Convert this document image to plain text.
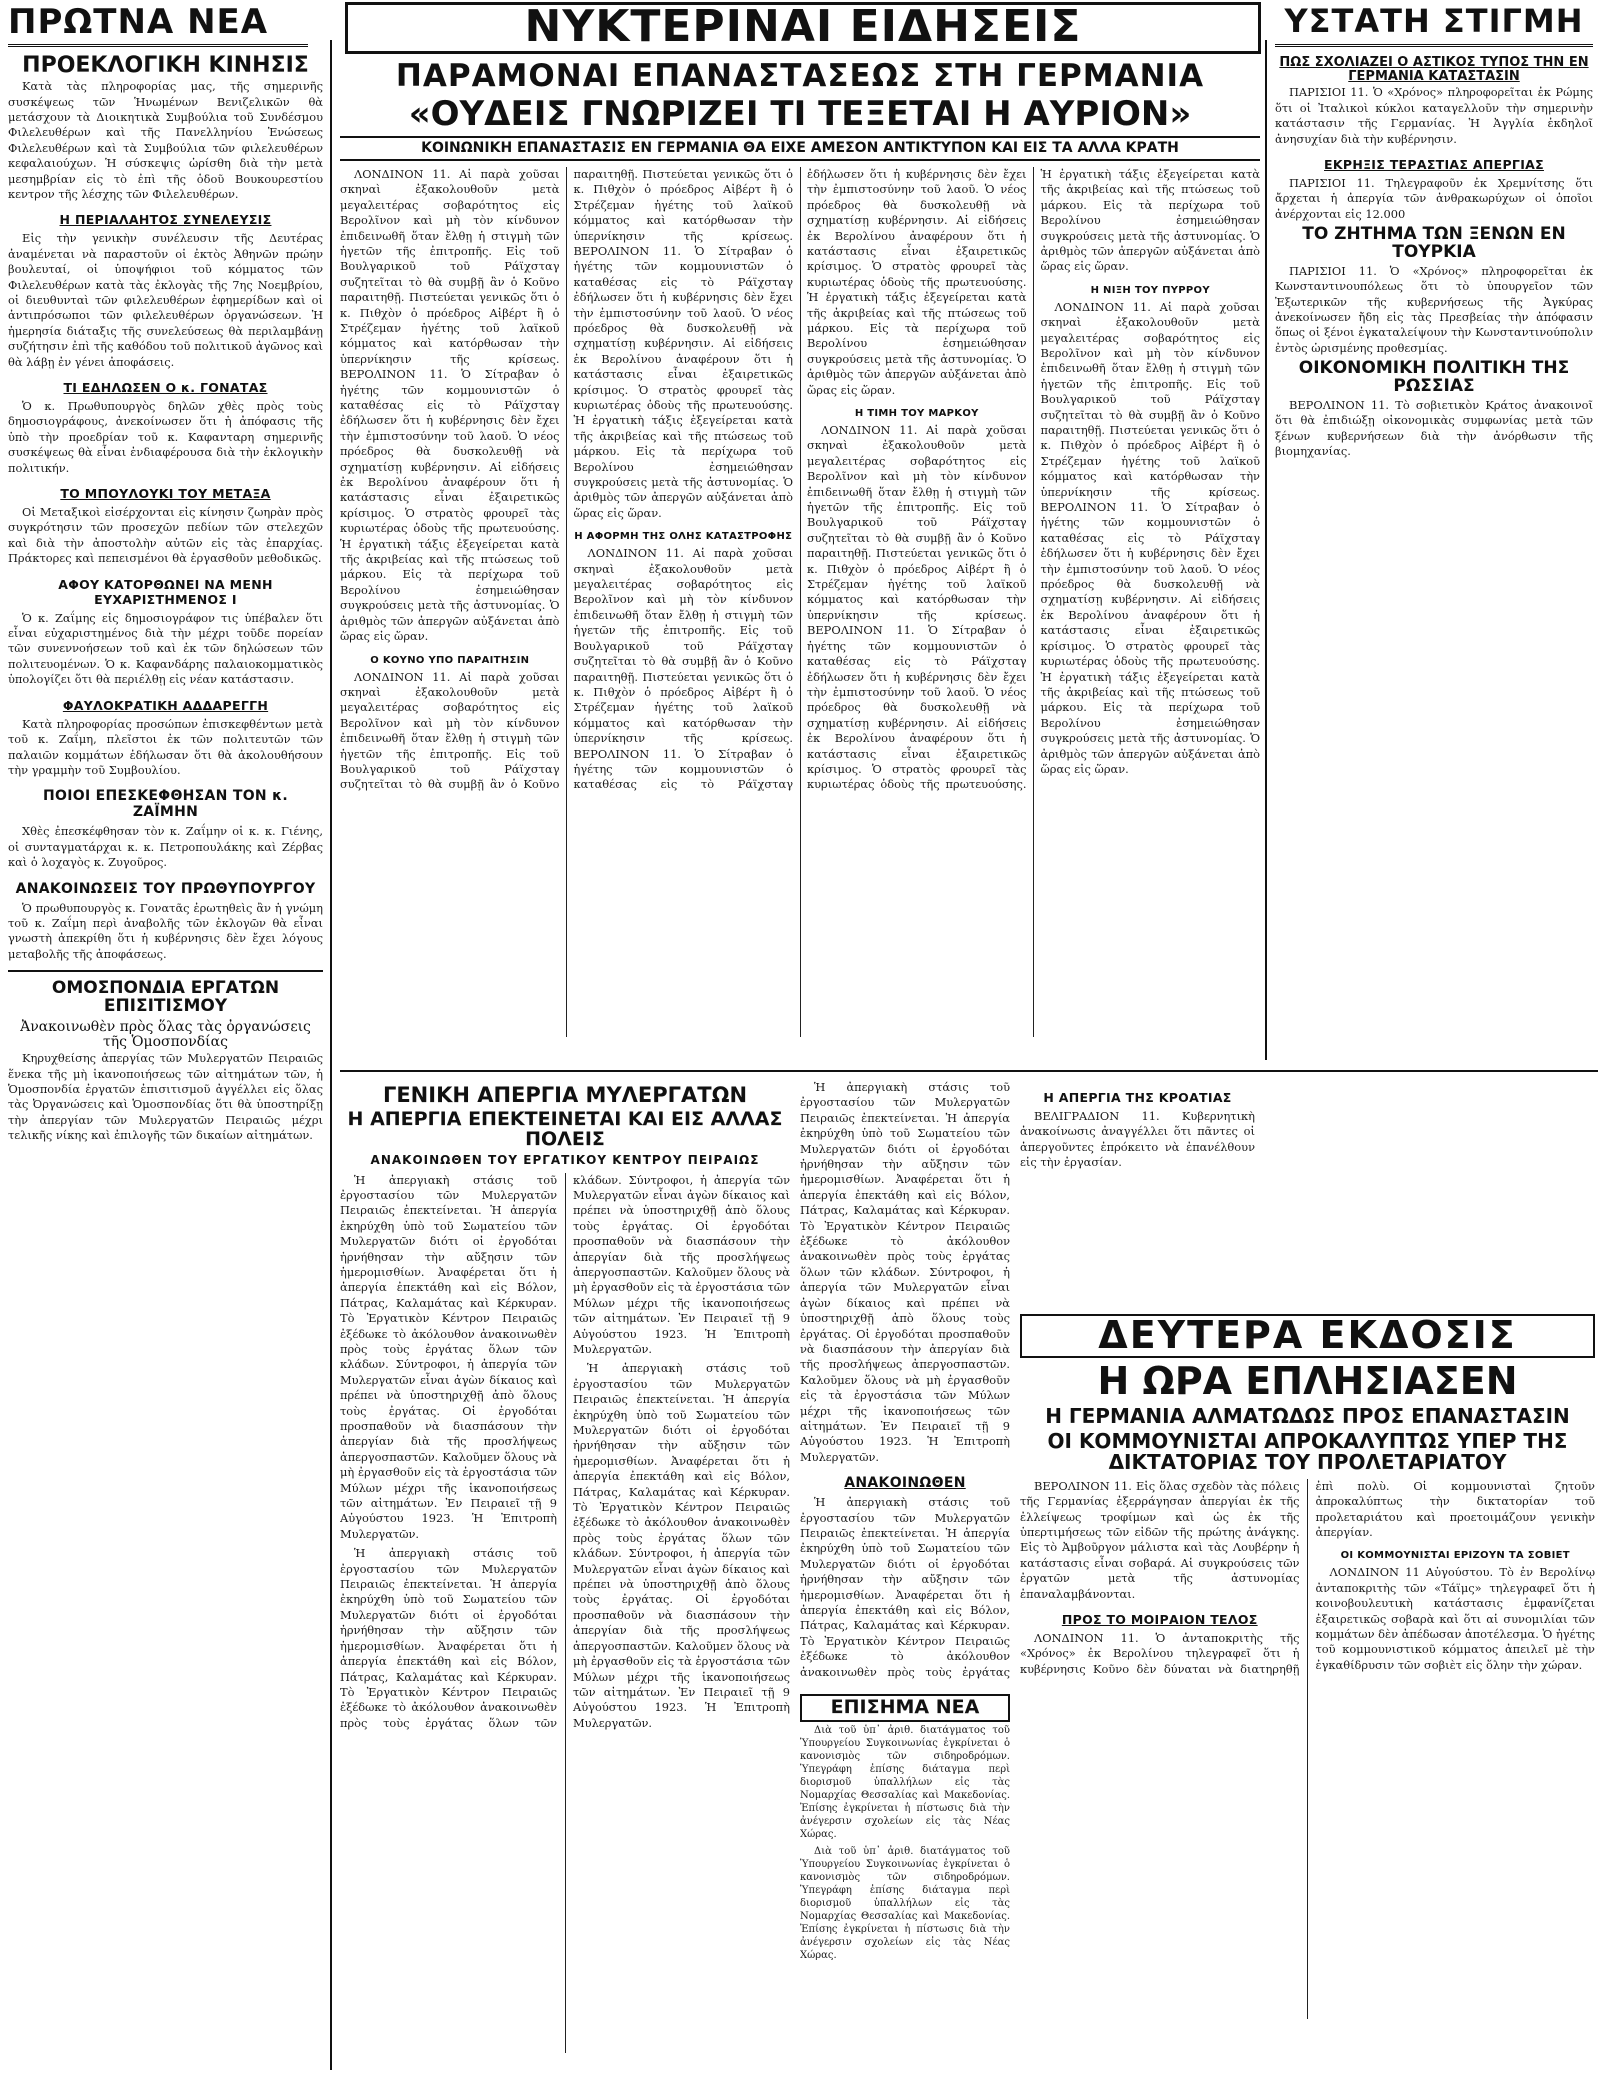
ΠΡΩΤΝΑ ΝΕΑ	ΝΥΚΤΕΡΙΝΑΙ ΕΙΔΗΣΕΙΣ	ΥΣΤΑΤΗ ΣΤΙΓΜΗ
ΠΡΟΕΚΛΟΓΙΚΗ ΚΙΝΗΣΙΣ

Κατὰ τὰς πληροφορίας μας, τῆς σημερινῆς συσκέψεως τῶν Ἡνωμένων Βενιζελικῶν θὰ μετάσχουν τὰ Διοικητικὰ Συμβούλια τοῦ Συνδέσμου Φιλελευθέρων καὶ τῆς Πανελληνίου Ἑνώσεως Φιλελευθέρων καὶ τὰ Συμβούλια τῶν φιλελευθέρων κεφαλαιούχων. Ἡ σύσκεψις ὡρίσθη διὰ τὴν μετὰ μεσημβρίαν εἰς τὸ ἐπὶ τῆς ὁδοῦ Βουκουρεστίου κεντρον τῆς λέσχης τῶν Φιλελευθέρων.

Η ΠΕΡΙΑΛΑΗΤΟΣ ΣΥΝΕΛΕΥΣΙΣ

Εἰς τὴν γενικὴν συνέλευσιν τῆς Δευτέρας ἀναμένεται νὰ παραστοῦν οἱ ἐκτὸς Ἀθηνῶν πρώην βουλευταί, οἱ ὑποψήφιοι τοῦ κόμματος τῶν Φιλελευθέρων κατὰ τὰς ἐκλογὰς τῆς 7ης Νοεμβρίου, οἱ διευθυνταὶ τῶν φιλελευθέρων ἐφημερίδων καὶ οἱ ἀντιπρόσωποι τῶν φιλελευθέρων ὀργανώσεων. Ἡ ἡμερησία διάταξις τῆς συνελεύσεως θὰ περιλαμβάνῃ συζήτησιν ἐπὶ τῆς καθόδου τοῦ πολιτικοῦ ἀγῶνος καὶ θὰ λάβῃ ἐν γένει ἀποφάσεις.

ΤΙ ΕΔΗΛΩΣΕΝ Ο κ. ΓΟΝΑΤΑΣ

Ὁ κ. Πρωθυπουργὸς δηλῶν χθὲς πρὸς τοὺς δημοσιογράφους, ἀνεκοίνωσεν ὅτι ἡ ἀπόφασις τῆς ὑπὸ τὴν προεδρίαν τοῦ κ. Καφανταρη σημερινῆς συσκέψεως θὰ εἶναι ἐνδιαφέρουσα διὰ τὴν ἐκλογικὴν πολιτικήν.

ΤΟ ΜΠΟΥΛΟΥΚΙ ΤΟΥ ΜΕΤΑΞΑ

Οἱ Μεταξικοὶ εἰσέρχονται εἰς κίνησιν ζωηρὰν πρὸς συγκρότησιν τῶν προσεχῶν πεδίων τῶν στελεχῶν καὶ διὰ τὴν ἀποστολὴν αὐτῶν εἰς τὰς ἐπαρχίας. Πράκτορες καὶ πεπεισμένοι θὰ ἐργασθοῦν μεθοδικῶς.

ΑΦΟΥ ΚΑΤΟΡΘΩΝΕΙ ΝΑ ΜΕΝΗ ΕΥΧΑΡΙΣΤΗΜΕΝΟΣ Ι

Ὁ κ. Ζαΐμης εἰς δημοσιογράφον τις ὑπέβαλεν ὅτι εἶναι εὐχαριστημένος διὰ τὴν μέχρι τοῦδε πορείαν τῶν συνεννοήσεων τοῦ καὶ ἐκ τῶν δηλώσεων τῶν πολιτευομένων. Ὁ κ. Καφανδάρης παλαιοκομματικὸς ὑπολογίζει ὅτι θὰ περιέλθῃ εἰς νέαν κατάστασιν.

ΦΑΥΛΟΚΡΑΤΙΚΗ ΑΔΔΑΡΕΓΓΗ

Κατὰ πληροφορίας προσώπων ἐπισκεφθέντων μετὰ τοῦ κ. Ζαΐμη, πλεῖστοι ἐκ τῶν πολιτευτῶν τῶν παλαιῶν κομμάτων ἐδήλωσαν ὅτι θὰ ἀκολουθήσουν τὴν γραμμὴν τοῦ Συμβουλίου.

ΠΟΙΟΙ ΕΠΕΣΚΕΦΘΗΣΑΝ ΤΟΝ κ. ΖΑΪΜΗΝ

Χθὲς ἐπεσκέφθησαν τὸν κ. Ζαΐμην οἱ κ. κ. Γιένης, οἱ συνταγματάρχαι κ. κ. Πετροπουλάκης καὶ Ζέρβας καὶ ὁ λοχαγὸς κ. Ζυγοῦρος.

ΑΝΑΚΟΙΝΩΣΕΙΣ ΤΟΥ ΠΡΩΘΥΠΟΥΡΓΟΥ

Ὁ πρωθυπουργὸς κ. Γονατᾶς ἐρωτηθεὶς ἂν ἡ γνώμη τοῦ κ. Ζαΐμη περὶ ἀναβολῆς τῶν ἐκλογῶν θὰ εἶναι γνωστὴ ἀπεκρίθη ὅτι ἡ κυβέρνησις δὲν ἔχει λόγους μεταβολῆς τῆς ἀποφάσεως.

ΟΜΟΣΠΟΝΔΙΑ ΕΡΓΑΤΩΝ ΕΠΙΣΙΤΙΣΜΟΥ
Ἀνακοινωθὲν πρὸς ὅλας τὰς ὀργανώσεις τῆς Ὁμοσπονδίας

Κηρυχθείσης ἀπεργίας τῶν Μυλεργατῶν Πειραιῶς ἕνεκα τῆς μὴ ἱκανοποιήσεως τῶν αἰτημάτων τῶν, ἡ Ὁμοσπονδία ἐργατῶν ἐπισιτισμοῦ ἀγγέλλει εἰς ὅλας τὰς Ὀργανώσεις καὶ Ὁμοσπονδίας ὅτι θὰ ὑποστηρίξῃ τὴν ἀπεργίαν τῶν Μυλεργατῶν Πειραιῶς μέχρι τελικῆς νίκης καὶ ἐπιλογῆς τῶν δικαίων αἰτημάτων.

ΠΑΡΑΜΟΝΑΙ ΕΠΑΝΑΣΤΑΣΕΩΣ ΣΤΗ ΓΕΡΜΑΝΙΑ
«ΟΥΔΕΙΣ ΓΝΩΡΙΖΕΙ ΤΙ ΤΕΞΕΤΑΙ Η ΑΥΡΙΟΝ»
ΚΟΙΝΩΝΙΚΗ ΕΠΑΝΑΣΤΑΣΙΣ ΕΝ ΓΕΡΜΑΝΙΑ ΘΑ ΕΙΧΕ ΑΜΕΣΟΝ ΑΝΤΙΚΤΥΠΟΝ ΚΑΙ ΕΙΣ ΤΑ ΑΛΛΑ ΚΡΑΤΗ

ΛΟΝΔΙΝΟΝ 11. Αἱ παρὰ χοῦσαι σκηναὶ ἐξακολουθοῦν μετὰ μεγαλειτέρας σοβαρότητος εἰς Βερολῖνον καὶ μὴ τὸν κίνδυνον ἐπιδεινωθῆ ὅταν ἔλθῃ ἡ στιγμὴ τῶν ἡγετῶν τῆς ἐπιτροπῆς. Εἰς τοῦ Βουλγαρικοῦ τοῦ Ράϊχσταγ συζητεῖται τὸ θὰ συμβῇ ἂν ὁ Κοῦνο παραιτηθῇ. Πιστεύεται γενικῶς ὅτι ὁ κ. Πιθχὸν ὁ πρόεδρος Αἰβέρτ ἢ ὁ Στρέζεμαν ἡγέτης τοῦ λαϊκοῦ κόμματος καὶ κατόρθωσαν τὴν ὑπερνίκησιν τῆς κρίσεως. ΒΕΡΟΛΙΝΟΝ 11. Ὁ Σίτραβαν ὁ ἡγέτης τῶν κομμουνιστῶν ὁ καταθέσας εἰς τὸ Ράϊχσταγ ἐδήλωσεν ὅτι ἡ κυβέρνησις δὲν ἔχει τὴν ἐμπιστοσύνην τοῦ λαοῦ. Ὁ νέος πρόεδρος θὰ δυσκολευθῇ νὰ σχηματίσῃ κυβέρνησιν. Αἱ εἰδήσεις ἐκ Βερολίνου ἀναφέρουν ὅτι ἡ κατάστασις εἶναι ἐξαιρετικῶς κρίσιμος. Ὁ στρατὸς φρουρεῖ τὰς κυριωτέρας ὁδοὺς τῆς πρωτευούσης. Ἡ ἐργατικὴ τάξις ἐξεγείρεται κατὰ τῆς ἀκριβείας καὶ τῆς πτώσεως τοῦ μάρκου. Εἰς τὰ περίχωρα τοῦ Βερολίνου ἐσημειώθησαν συγκρούσεις μετὰ τῆς ἀστυνομίας. Ὁ ἀριθμὸς τῶν ἀπεργῶν αὐξάνεται ἀπὸ ὥρας εἰς ὥραν.

Ο ΚΟΥΝΟ ΥΠΟ ΠΑΡΑΙΤΗΣΙΝ

ΛΟΝΔΙΝΟΝ 11. Αἱ παρὰ χοῦσαι σκηναὶ ἐξακολουθοῦν μετὰ μεγαλειτέρας σοβαρότητος εἰς Βερολῖνον καὶ μὴ τὸν κίνδυνον ἐπιδεινωθῆ ὅταν ἔλθῃ ἡ στιγμὴ τῶν ἡγετῶν τῆς ἐπιτροπῆς. Εἰς τοῦ Βουλγαρικοῦ τοῦ Ράϊχσταγ συζητεῖται τὸ θὰ συμβῇ ἂν ὁ Κοῦνο παραιτηθῇ. Πιστεύεται γενικῶς ὅτι ὁ κ. Πιθχὸν ὁ πρόεδρος Αἰβέρτ ἢ ὁ Στρέζεμαν ἡγέτης τοῦ λαϊκοῦ κόμματος καὶ κατόρθωσαν τὴν ὑπερνίκησιν τῆς κρίσεως. ΒΕΡΟΛΙΝΟΝ 11. Ὁ Σίτραβαν ὁ ἡγέτης τῶν κομμουνιστῶν ὁ καταθέσας εἰς τὸ Ράϊχσταγ ἐδήλωσεν ὅτι ἡ κυβέρνησις δὲν ἔχει τὴν ἐμπιστοσύνην τοῦ λαοῦ. Ὁ νέος πρόεδρος θὰ δυσκολευθῇ νὰ σχηματίσῃ κυβέρνησιν. Αἱ εἰδήσεις ἐκ Βερολίνου ἀναφέρουν ὅτι ἡ κατάστασις εἶναι ἐξαιρετικῶς κρίσιμος. Ὁ στρατὸς φρουρεῖ τὰς κυριωτέρας ὁδοὺς τῆς πρωτευούσης. Ἡ ἐργατικὴ τάξις ἐξεγείρεται κατὰ τῆς ἀκριβείας καὶ τῆς πτώσεως τοῦ μάρκου. Εἰς τὰ περίχωρα τοῦ Βερολίνου ἐσημειώθησαν συγκρούσεις μετὰ τῆς ἀστυνομίας. Ὁ ἀριθμὸς τῶν ἀπεργῶν αὐξάνεται ἀπὸ ὥρας εἰς ὥραν.

Η ΑΦΟΡΜΗ ΤΗΣ ΟΛΗΣ ΚΑΤΑΣΤΡΟΦΗΣ

ΛΟΝΔΙΝΟΝ 11. Αἱ παρὰ χοῦσαι σκηναὶ ἐξακολουθοῦν μετὰ μεγαλειτέρας σοβαρότητος εἰς Βερολῖνον καὶ μὴ τὸν κίνδυνον ἐπιδεινωθῆ ὅταν ἔλθῃ ἡ στιγμὴ τῶν ἡγετῶν τῆς ἐπιτροπῆς. Εἰς τοῦ Βουλγαρικοῦ τοῦ Ράϊχσταγ συζητεῖται τὸ θὰ συμβῇ ἂν ὁ Κοῦνο παραιτηθῇ. Πιστεύεται γενικῶς ὅτι ὁ κ. Πιθχὸν ὁ πρόεδρος Αἰβέρτ ἢ ὁ Στρέζεμαν ἡγέτης τοῦ λαϊκοῦ κόμματος καὶ κατόρθωσαν τὴν ὑπερνίκησιν τῆς κρίσεως. ΒΕΡΟΛΙΝΟΝ 11. Ὁ Σίτραβαν ὁ ἡγέτης τῶν κομμουνιστῶν ὁ καταθέσας εἰς τὸ Ράϊχσταγ ἐδήλωσεν ὅτι ἡ κυβέρνησις δὲν ἔχει τὴν ἐμπιστοσύνην τοῦ λαοῦ. Ὁ νέος πρόεδρος θὰ δυσκολευθῇ νὰ σχηματίσῃ κυβέρνησιν. Αἱ εἰδήσεις ἐκ Βερολίνου ἀναφέρουν ὅτι ἡ κατάστασις εἶναι ἐξαιρετικῶς κρίσιμος. Ὁ στρατὸς φρουρεῖ τὰς κυριωτέρας ὁδοὺς τῆς πρωτευούσης. Ἡ ἐργατικὴ τάξις ἐξεγείρεται κατὰ τῆς ἀκριβείας καὶ τῆς πτώσεως τοῦ μάρκου. Εἰς τὰ περίχωρα τοῦ Βερολίνου ἐσημειώθησαν συγκρούσεις μετὰ τῆς ἀστυνομίας. Ὁ ἀριθμὸς τῶν ἀπεργῶν αὐξάνεται ἀπὸ ὥρας εἰς ὥραν.

Η ΤΙΜΗ ΤΟΥ ΜΑΡΚΟΥ

ΛΟΝΔΙΝΟΝ 11. Αἱ παρὰ χοῦσαι σκηναὶ ἐξακολουθοῦν μετὰ μεγαλειτέρας σοβαρότητος εἰς Βερολῖνον καὶ μὴ τὸν κίνδυνον ἐπιδεινωθῆ ὅταν ἔλθῃ ἡ στιγμὴ τῶν ἡγετῶν τῆς ἐπιτροπῆς. Εἰς τοῦ Βουλγαρικοῦ τοῦ Ράϊχσταγ συζητεῖται τὸ θὰ συμβῇ ἂν ὁ Κοῦνο παραιτηθῇ. Πιστεύεται γενικῶς ὅτι ὁ κ. Πιθχὸν ὁ πρόεδρος Αἰβέρτ ἢ ὁ Στρέζεμαν ἡγέτης τοῦ λαϊκοῦ κόμματος καὶ κατόρθωσαν τὴν ὑπερνίκησιν τῆς κρίσεως. ΒΕΡΟΛΙΝΟΝ 11. Ὁ Σίτραβαν ὁ ἡγέτης τῶν κομμουνιστῶν ὁ καταθέσας εἰς τὸ Ράϊχσταγ ἐδήλωσεν ὅτι ἡ κυβέρνησις δὲν ἔχει τὴν ἐμπιστοσύνην τοῦ λαοῦ. Ὁ νέος πρόεδρος θὰ δυσκολευθῇ νὰ σχηματίσῃ κυβέρνησιν. Αἱ εἰδήσεις ἐκ Βερολίνου ἀναφέρουν ὅτι ἡ κατάστασις εἶναι ἐξαιρετικῶς κρίσιμος. Ὁ στρατὸς φρουρεῖ τὰς κυριωτέρας ὁδοὺς τῆς πρωτευούσης. Ἡ ἐργατικὴ τάξις ἐξεγείρεται κατὰ τῆς ἀκριβείας καὶ τῆς πτώσεως τοῦ μάρκου. Εἰς τὰ περίχωρα τοῦ Βερολίνου ἐσημειώθησαν συγκρούσεις μετὰ τῆς ἀστυνομίας. Ὁ ἀριθμὸς τῶν ἀπεργῶν αὐξάνεται ἀπὸ ὥρας εἰς ὥραν.

Η ΝΙΞΗ ΤΟΥ ΠΥΡΡΟΥ

ΛΟΝΔΙΝΟΝ 11. Αἱ παρὰ χοῦσαι σκηναὶ ἐξακολουθοῦν μετὰ μεγαλειτέρας σοβαρότητος εἰς Βερολῖνον καὶ μὴ τὸν κίνδυνον ἐπιδεινωθῆ ὅταν ἔλθῃ ἡ στιγμὴ τῶν ἡγετῶν τῆς ἐπιτροπῆς. Εἰς τοῦ Βουλγαρικοῦ τοῦ Ράϊχσταγ συζητεῖται τὸ θὰ συμβῇ ἂν ὁ Κοῦνο παραιτηθῇ. Πιστεύεται γενικῶς ὅτι ὁ κ. Πιθχὸν ὁ πρόεδρος Αἰβέρτ ἢ ὁ Στρέζεμαν ἡγέτης τοῦ λαϊκοῦ κόμματος καὶ κατόρθωσαν τὴν ὑπερνίκησιν τῆς κρίσεως. ΒΕΡΟΛΙΝΟΝ 11. Ὁ Σίτραβαν ὁ ἡγέτης τῶν κομμουνιστῶν ὁ καταθέσας εἰς τὸ Ράϊχσταγ ἐδήλωσεν ὅτι ἡ κυβέρνησις δὲν ἔχει τὴν ἐμπιστοσύνην τοῦ λαοῦ. Ὁ νέος πρόεδρος θὰ δυσκολευθῇ νὰ σχηματίσῃ κυβέρνησιν. Αἱ εἰδήσεις ἐκ Βερολίνου ἀναφέρουν ὅτι ἡ κατάστασις εἶναι ἐξαιρετικῶς κρίσιμος. Ὁ στρατὸς φρουρεῖ τὰς κυριωτέρας ὁδοὺς τῆς πρωτευούσης. Ἡ ἐργατικὴ τάξις ἐξεγείρεται κατὰ τῆς ἀκριβείας καὶ τῆς πτώσεως τοῦ μάρκου. Εἰς τὰ περίχωρα τοῦ Βερολίνου ἐσημειώθησαν συγκρούσεις μετὰ τῆς ἀστυνομίας. Ὁ ἀριθμὸς τῶν ἀπεργῶν αὐξάνεται ἀπὸ ὥρας εἰς ὥραν.

ΓΕΝΙΚΗ ΑΠΕΡΓΙΑ ΜΥΛΕΡΓΑΤΩΝ
Η ΑΠΕΡΓΙΑ ΕΠΕΚΤΕΙΝΕΤΑΙ ΚΑΙ ΕΙΣ ΑΛΛΑΣ ΠΟΛΕΙΣ
ΑΝΑΚΟΙΝΩΘΕΝ ΤΟΥ ΕΡΓΑΤΙΚΟΥ ΚΕΝΤΡΟΥ ΠΕΙΡΑΙΩΣ

Ἡ ἀπεργιακὴ στάσις τοῦ ἐργοστασίου τῶν Μυλεργατῶν Πειραιῶς ἐπεκτείνεται. Ἡ ἀπεργία ἐκηρύχθη ὑπὸ τοῦ Σωματείου τῶν Μυλεργατῶν διότι οἱ ἐργοδόται ἠρνήθησαν τὴν αὔξησιν τῶν ἡμερομισθίων. Ἀναφέρεται ὅτι ἡ ἀπεργία ἐπεκτάθη καὶ εἰς Βόλον, Πάτρας, Καλαμάτας καὶ Κέρκυραν. Τὸ Ἐργατικὸν Κέντρον Πειραιῶς ἐξέδωκε τὸ ἀκόλουθον ἀνακοινωθὲν πρὸς τοὺς ἐργάτας ὅλων τῶν κλάδων. Σύντροφοι, ἡ ἀπεργία τῶν Μυλεργατῶν εἶναι ἀγὼν δίκαιος καὶ πρέπει νὰ ὑποστηριχθῇ ἀπὸ ὅλους τοὺς ἐργάτας. Οἱ ἐργοδόται προσπαθοῦν νὰ διασπάσουν τὴν ἀπεργίαν διὰ τῆς προσλήψεως ἀπεργοσπαστῶν. Καλοῦμεν ὅλους νὰ μὴ ἐργασθοῦν εἰς τὰ ἐργοστάσια τῶν Μύλων μέχρι τῆς ἱκανοποιήσεως τῶν αἰτημάτων. Ἐν Πειραιεῖ τῇ 9 Αὐγούστου 1923. Ἡ Ἐπιτροπὴ Μυλεργατῶν.

Ἡ ἀπεργιακὴ στάσις τοῦ ἐργοστασίου τῶν Μυλεργατῶν Πειραιῶς ἐπεκτείνεται. Ἡ ἀπεργία ἐκηρύχθη ὑπὸ τοῦ Σωματείου τῶν Μυλεργατῶν διότι οἱ ἐργοδόται ἠρνήθησαν τὴν αὔξησιν τῶν ἡμερομισθίων. Ἀναφέρεται ὅτι ἡ ἀπεργία ἐπεκτάθη καὶ εἰς Βόλον, Πάτρας, Καλαμάτας καὶ Κέρκυραν. Τὸ Ἐργατικὸν Κέντρον Πειραιῶς ἐξέδωκε τὸ ἀκόλουθον ἀνακοινωθὲν πρὸς τοὺς ἐργάτας ὅλων τῶν κλάδων. Σύντροφοι, ἡ ἀπεργία τῶν Μυλεργατῶν εἶναι ἀγὼν δίκαιος καὶ πρέπει νὰ ὑποστηριχθῇ ἀπὸ ὅλους τοὺς ἐργάτας. Οἱ ἐργοδόται προσπαθοῦν νὰ διασπάσουν τὴν ἀπεργίαν διὰ τῆς προσλήψεως ἀπεργοσπαστῶν. Καλοῦμεν ὅλους νὰ μὴ ἐργασθοῦν εἰς τὰ ἐργοστάσια τῶν Μύλων μέχρι τῆς ἱκανοποιήσεως τῶν αἰτημάτων. Ἐν Πειραιεῖ τῇ 9 Αὐγούστου 1923. Ἡ Ἐπιτροπὴ Μυλεργατῶν.

Ἡ ἀπεργιακὴ στάσις τοῦ ἐργοστασίου τῶν Μυλεργατῶν Πειραιῶς ἐπεκτείνεται. Ἡ ἀπεργία ἐκηρύχθη ὑπὸ τοῦ Σωματείου τῶν Μυλεργατῶν διότι οἱ ἐργοδόται ἠρνήθησαν τὴν αὔξησιν τῶν ἡμερομισθίων. Ἀναφέρεται ὅτι ἡ ἀπεργία ἐπεκτάθη καὶ εἰς Βόλον, Πάτρας, Καλαμάτας καὶ Κέρκυραν. Τὸ Ἐργατικὸν Κέντρον Πειραιῶς ἐξέδωκε τὸ ἀκόλουθον ἀνακοινωθὲν πρὸς τοὺς ἐργάτας ὅλων τῶν κλάδων. Σύντροφοι, ἡ ἀπεργία τῶν Μυλεργατῶν εἶναι ἀγὼν δίκαιος καὶ πρέπει νὰ ὑποστηριχθῇ ἀπὸ ὅλους τοὺς ἐργάτας. Οἱ ἐργοδόται προσπαθοῦν νὰ διασπάσουν τὴν ἀπεργίαν διὰ τῆς προσλήψεως ἀπεργοσπαστῶν. Καλοῦμεν ὅλους νὰ μὴ ἐργασθοῦν εἰς τὰ ἐργοστάσια τῶν Μύλων μέχρι τῆς ἱκανοποιήσεως τῶν αἰτημάτων. Ἐν Πειραιεῖ τῇ 9 Αὐγούστου 1923. Ἡ Ἐπιτροπὴ Μυλεργατῶν.

Ἡ ἀπεργιακὴ στάσις τοῦ ἐργοστασίου τῶν Μυλεργατῶν Πειραιῶς ἐπεκτείνεται. Ἡ ἀπεργία ἐκηρύχθη ὑπὸ τοῦ Σωματείου τῶν Μυλεργατῶν διότι οἱ ἐργοδόται ἠρνήθησαν τὴν αὔξησιν τῶν ἡμερομισθίων. Ἀναφέρεται ὅτι ἡ ἀπεργία ἐπεκτάθη καὶ εἰς Βόλον, Πάτρας, Καλαμάτας καὶ Κέρκυραν. Τὸ Ἐργατικὸν Κέντρον Πειραιῶς ἐξέδωκε τὸ ἀκόλουθον ἀνακοινωθὲν πρὸς τοὺς ἐργάτας ὅλων τῶν κλάδων. Σύντροφοι, ἡ ἀπεργία τῶν Μυλεργατῶν εἶναι ἀγὼν δίκαιος καὶ πρέπει νὰ ὑποστηριχθῇ ἀπὸ ὅλους τοὺς ἐργάτας. Οἱ ἐργοδόται προσπαθοῦν νὰ διασπάσουν τὴν ἀπεργίαν διὰ τῆς προσλήψεως ἀπεργοσπαστῶν. Καλοῦμεν ὅλους νὰ μὴ ἐργασθοῦν εἰς τὰ ἐργοστάσια τῶν Μύλων μέχρι τῆς ἱκανοποιήσεως τῶν αἰτημάτων. Ἐν Πειραιεῖ τῇ 9 Αὐγούστου 1923. Ἡ Ἐπιτροπὴ Μυλεργατῶν.

ΑΝΑΚΟΙΝΩΘΕΝ

Ἡ ἀπεργιακὴ στάσις τοῦ ἐργοστασίου τῶν Μυλεργατῶν Πειραιῶς ἐπεκτείνεται. Ἡ ἀπεργία ἐκηρύχθη ὑπὸ τοῦ Σωματείου τῶν Μυλεργατῶν διότι οἱ ἐργοδόται ἠρνήθησαν τὴν αὔξησιν τῶν ἡμερομισθίων. Ἀναφέρεται ὅτι ἡ ἀπεργία ἐπεκτάθη καὶ εἰς Βόλον, Πάτρας, Καλαμάτας καὶ Κέρκυραν. Τὸ Ἐργατικὸν Κέντρον Πειραιῶς ἐξέδωκε τὸ ἀκόλουθον ἀνακοινωθὲν πρὸς τοὺς ἐργάτας

ΕΠΙΣΗΜΑ ΝΕΑ

Διὰ τοῦ ὑπ᾽ ἀριθ. διατάγματος τοῦ Ὑπουργείου Συγκοινωνίας ἐγκρίνεται ὁ κανονισμὸς τῶν σιδηροδρόμων. Ὑπεγράφη ἐπίσης διάταγμα περὶ διορισμοῦ ὑπαλλήλων εἰς τὰς Νομαρχίας Θεσσαλίας καὶ Μακεδονίας. Ἐπίσης ἐγκρίνεται ἡ πίστωσις διὰ τὴν ἀνέγερσιν σχολείων εἰς τὰς Νέας Χώρας.

Διὰ τοῦ ὑπ᾽ ἀριθ. διατάγματος τοῦ Ὑπουργείου Συγκοινωνίας ἐγκρίνεται ὁ κανονισμὸς τῶν σιδηροδρόμων. Ὑπεγράφη ἐπίσης διάταγμα περὶ διορισμοῦ ὑπαλλήλων εἰς τὰς Νομαρχίας Θεσσαλίας καὶ Μακεδονίας. Ἐπίσης ἐγκρίνεται ἡ πίστωσις διὰ τὴν ἀνέγερσιν σχολείων εἰς τὰς Νέας Χώρας.

ΠΩΣ ΣΧΟΛΙΑΖΕΙ Ο ΑΣΤΙΚΟΣ ΤΥΠΟΣ ΤΗΝ ΕΝ ΓΕΡΜΑΝΙΑ ΚΑΤΑΣΤΑΣΙΝ

ΠΑΡΙΣΙΟΙ 11. Ὁ «Χρόνος» πληροφορεῖται ἐκ Ρώμης ὅτι οἱ Ἰταλικοὶ κύκλοι καταγελλοῦν τὴν σημερινὴν κατάστασιν τῆς Γερμανίας. Ἡ Ἀγγλία ἐκδηλοῖ ἀνησυχίαν διὰ τὴν κυβέρνησιν.

ΕΚΡΗΞΙΣ ΤΕΡΑΣΤΙΑΣ ΑΠΕΡΓΙΑΣ

ΠΑΡΙΣΙΟΙ 11. Τηλεγραφοῦν ἐκ Χρεμνίτσης ὅτι ἄρχεται ἡ ἀπεργία τῶν ἀνθρακωρύχων οἱ ὁποῖοι ἀνέρχονται εἰς 12.000

ΤΟ ΖΗΤΗΜΑ ΤΩΝ ΞΕΝΩΝ ΕΝ ΤΟΥΡΚΙΑ

ΠΑΡΙΣΙΟΙ 11. Ὁ «Χρόνος» πληροφορεῖται ἐκ Κωνσταντινουπόλεως ὅτι τὸ ὑπουργεῖον τῶν Ἐξωτερικῶν τῆς κυβερνήσεως τῆς Ἀγκύρας ἀνεκοίνωσεν ἤδη εἰς τὰς Πρεσβείας τὴν ἀπόφασιν ὅπως οἱ ξένοι ἐγκαταλείψουν τὴν Κωνσταντινούπολιν ἐντὸς ὡρισμένης προθεσμίας.

ΟΙΚΟΝΟΜΙΚΗ ΠΟΛΙΤΙΚΗ ΤΗΣ ΡΩΣΣΙΑΣ

ΒΕΡΟΛΙΝΟΝ 11. Τὸ σοβιετικὸν Κράτος ἀνακοινοῖ ὅτι θὰ ἐπιδιώξῃ οἰκονομικὰς συμφωνίας μετὰ τῶν ξένων κυβερνήσεων διὰ τὴν ἀνόρθωσιν τῆς βιομηχανίας.

Η ΑΠΕΡΓΙΑ ΤΗΣ ΚΡΟΑΤΙΑΣ

ΒΕΛΙΓΡΑΔΙΟΝ 11. Κυβερνητικὴ ἀνακοίνωσις ἀναγγέλλει ὅτι πᾶντες οἱ ἀπεργοῦντες ἐπρόκειτο νὰ ἐπανέλθουν εἰς τὴν ἐργασίαν.

ΔΕΥΤΕΡΑ ΕΚΔΟΣΙΣ
Η ΩΡΑ ΕΠΛΗΣΙΑΣΕΝ
Η ΓΕΡΜΑΝΙΑ ΑΛΜΑΤΩΔΩΣ ΠΡΟΣ ΕΠΑΝΑΣΤΑΣΙΝ
ΟΙ ΚΟΜΜΟΥΝΙΣΤΑΙ ΑΠΡΟΚΑΛΥΠΤΩΣ ΥΠΕΡ ΤΗΣ ΔΙΚΤΑΤΟΡΙΑΣ ΤΟΥ ΠΡΟΛΕΤΑΡΙΑΤΟΥ

ΒΕΡΟΛΙΝΟΝ 11. Εἰς ὅλας σχεδὸν τὰς πόλεις τῆς Γερμανίας ἐξερράγησαν ἀπεργίαι ἐκ τῆς ἐλλείψεως τροφίμων καὶ ὡς ἐκ τῆς ὑπερτιμήσεως τῶν εἰδῶν τῆς πρώτης ἀνάγκης. Εἰς τὸ Ἀμβοῦργον μάλιστα καὶ τὰς Λουβέρην ἡ κατάστασις εἶναι σοβαρά. Αἱ συγκρούσεις τῶν ἐργατῶν μετὰ τῆς ἀστυνομίας ἐπαναλαμβάνονται.

ΠΡΟΣ ΤΟ ΜΟΙΡΑΙΟΝ ΤΕΛΟΣ

ΛΟΝΔΙΝΟΝ 11. Ὁ ἀνταποκριτὴς τῆς «Χρόνος» ἐκ Βερολίνου τηλεγραφεῖ ὅτι ἡ κυβέρνησις Κοῦνο δὲν δύναται νὰ διατηρηθῇ ἐπὶ πολὺ. Οἱ κομμουνισταὶ ζητοῦν ἀπροκαλύπτως τὴν δικτατορίαν τοῦ προλεταριάτου καὶ προετοιμάζουν γενικὴν ἀπεργίαν.

ΟΙ ΚΟΜΜΟΥΝΙΣΤΑΙ ΕΡΙΖΟΥΝ ΤΑ ΣΟΒΙΕΤ

ΛΟΝΔΙΝΟΝ 11 Αὐγούστου. Τὸ ἐν Βερολίνῳ ἀνταποκριτὴς τῶν «Τάϊμς» τηλεγραφεῖ ὅτι ἡ κοινοβουλευτικὴ κατάστασις ἐμφανίζεται ἐξαιρετικῶς σοβαρὰ καὶ ὅτι αἱ συνομιλίαι τῶν κομμάτων δὲν ἀπέδωσαν ἀποτέλεσμα. Ὁ ἡγέτης τοῦ κομμουνιστικοῦ κόμματος ἀπειλεῖ μὲ τὴν ἐγκαθίδρυσιν τῶν σοβιὲτ εἰς ὅλην τὴν χώραν.
